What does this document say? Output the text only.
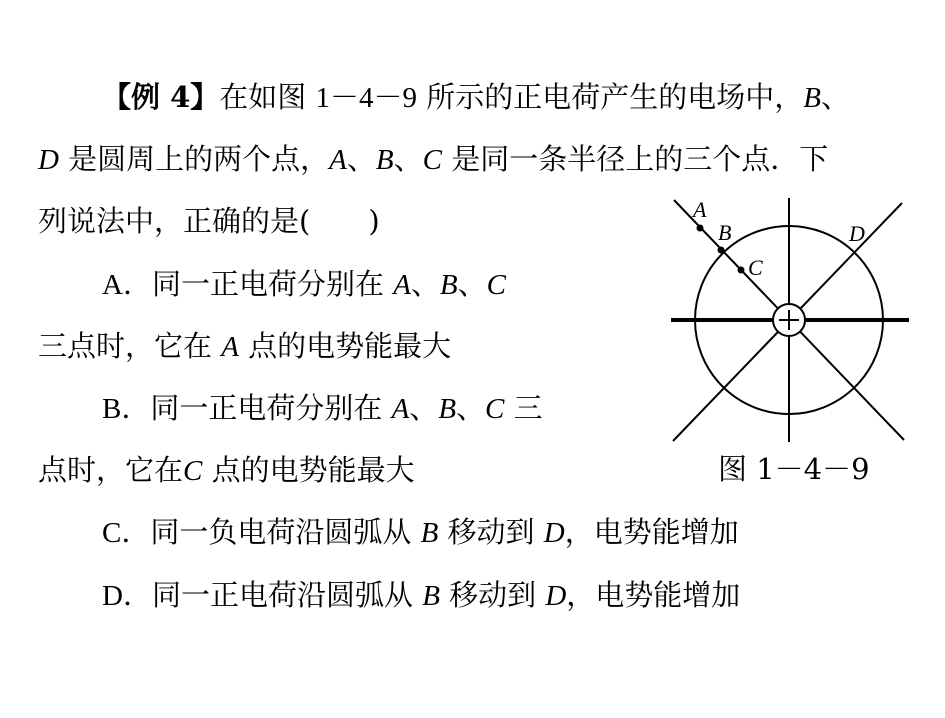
【例 4】在如图 1－4－9 所示的正电荷产生的电场中，B、
D 是圆周上的两个点，A、B、C 是同一条半径上的三个点．下
列说法中，正确的是(　　)
A．同一正电荷分别在 A、B、C
三点时，它在 A 点的电势能最大
B．同一正电荷分别在 A、B、C 三
点时，它在C 点的电势能最大
C．同一负电荷沿圆弧从 B 移动到 D，电势能增加
D．同一正电荷沿圆弧从 B 移动到 D，电势能增加
A
B
C
D
图 1－4－9
